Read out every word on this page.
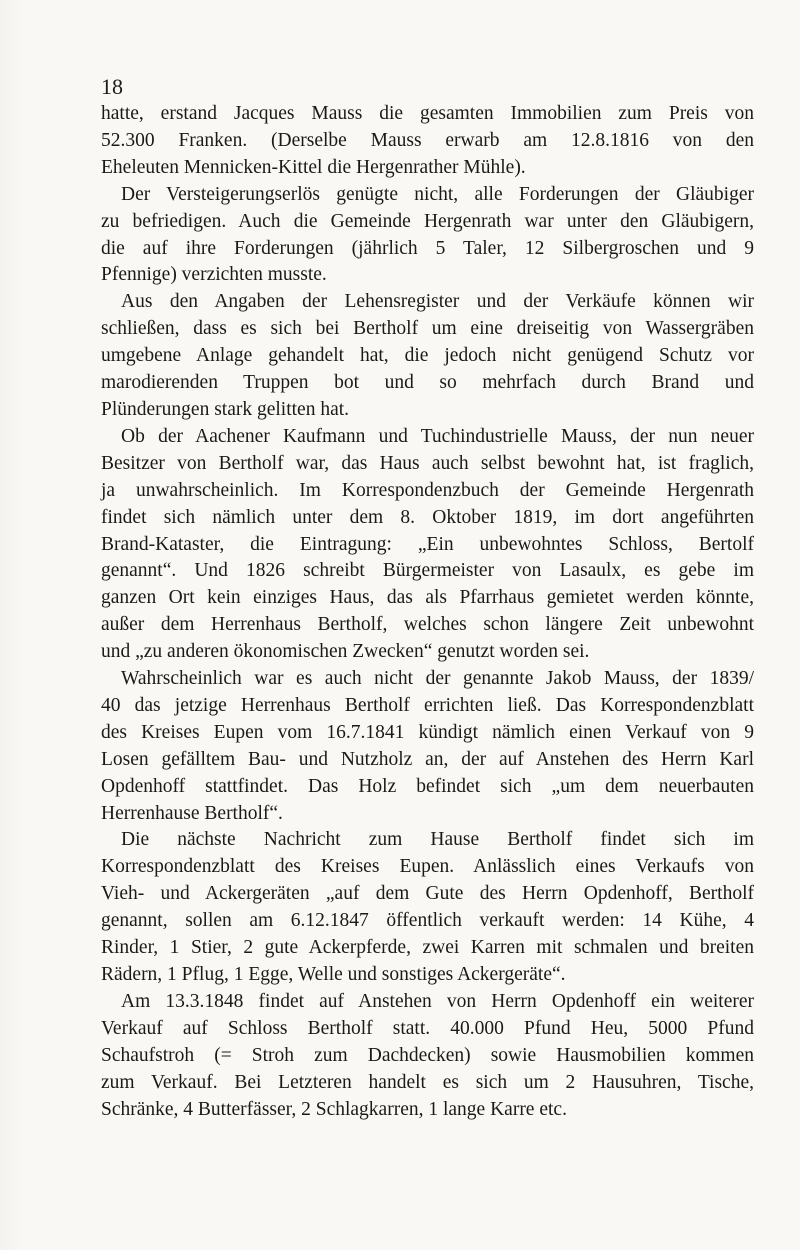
18

hatte, erstand Jacques Mauss die gesamten Immobilien zum Preis von
52.300 Franken. (Derselbe Mauss erwarb am 12.8.1816 von den
Eheleuten Mennicken-Kittel die Hergenrather Mühle).

Der Versteigerungserlös genügte nicht, alle Forderungen der Gläubiger
zu befriedigen. Auch die Gemeinde Hergenrath war unter den Gläubigern,
die auf ihre Forderungen (jährlich 5 Taler, 12 Silbergroschen und 9
Pfennige) verzichten musste.

Aus den Angaben der Lehensregister und der Verkäufe können wir
schließen, dass es sich bei Bertholf um eine dreiseitig von Wassergräben
umgebene Anlage gehandelt hat, die jedoch nicht genügend Schutz vor
marodierenden Truppen bot und so mehrfach durch Brand und
Plünderungen stark gelitten hat.

Ob der Aachener Kaufmann und Tuchindustrielle Mauss, der nun neuer
Besitzer von Bertholf war, das Haus auch selbst bewohnt hat, ist fraglich,
ja unwahrscheinlich. Im Korrespondenzbuch der Gemeinde Hergenrath
findet sich nämlich unter dem 8. Oktober 1819, im dort angeführten
Brand-Kataster, die Eintragung: „Ein unbewohntes Schloss, Bertolf
genannt“. Und 1826 schreibt Bürgermeister von Lasaulx, es gebe im
ganzen Ort kein einziges Haus, das als Pfarrhaus gemietet werden könnte,
außer dem Herrenhaus Bertholf, welches schon längere Zeit unbewohnt
und „zu anderen ökonomischen Zwecken“ genutzt worden sei.

Wahrscheinlich war es auch nicht der genannte Jakob Mauss, der 1839/
40 das jetzige Herrenhaus Bertholf errichten ließ. Das Korrespondenzblatt
des Kreises Eupen vom 16.7.1841 kündigt nämlich einen Verkauf von 9
Losen gefälltem Bau- und Nutzholz an, der auf Anstehen des Herrn Karl
Opdenhoff stattfindet. Das Holz befindet sich „um dem neuerbauten
Herrenhause Bertholf“.

Die nächste Nachricht zum Hause Bertholf findet sich im
Korrespondenzblatt des Kreises Eupen. Anlässlich eines Verkaufs von
Vieh- und Ackergeräten „auf dem Gute des Herrn Opdenhoff, Bertholf
genannt, sollen am 6.12.1847 öffentlich verkauft werden: 14 Kühe, 4
Rinder, 1 Stier, 2 gute Ackerpferde, zwei Karren mit schmalen und breiten
Rädern, 1 Pflug, 1 Egge, Welle und sonstiges Ackergeräte“.

Am 13.3.1848 findet auf Anstehen von Herrn Opdenhoff ein weiterer
Verkauf auf Schloss Bertholf statt. 40.000 Pfund Heu, 5000 Pfund
Schaufstroh (= Stroh zum Dachdecken) sowie Hausmobilien kommen
zum Verkauf. Bei Letzteren handelt es sich um 2 Hausuhren, Tische,
Schränke, 4 Butterfässer, 2 Schlagkarren, 1 lange Karre etc.
